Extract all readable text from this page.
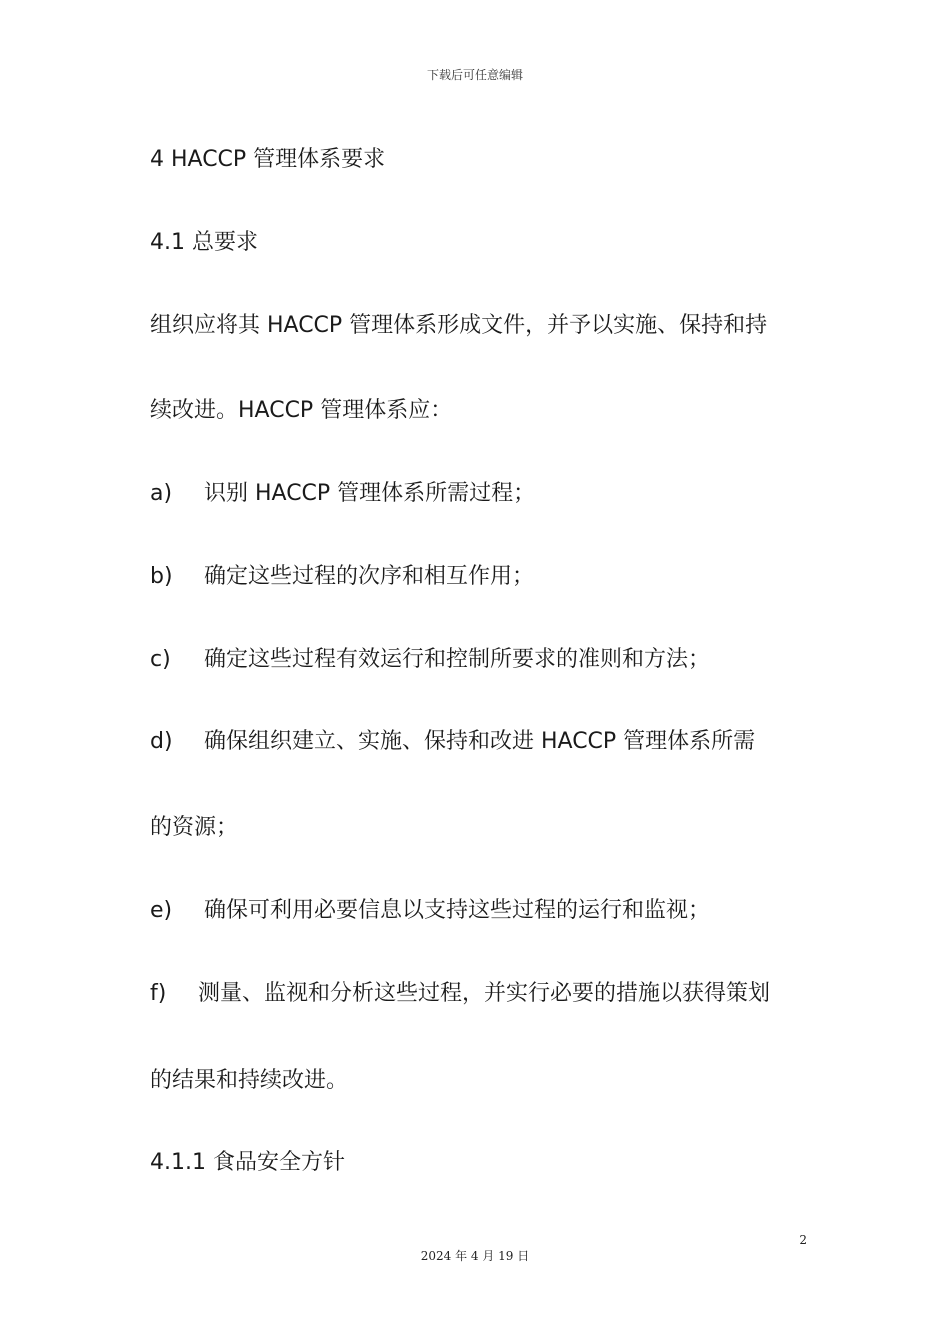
下载后可任意编辑
4 HACCP 管理体系要求
4.1 总要求
组织应将其 HACCP 管理体系形成文件，并予以实施、保持和持
续改进。HACCP 管理体系应：
a) 识别 HACCP 管理体系所需过程；
b) 确定这些过程的次序和相互作用；
c) 确定这些过程有效运行和控制所要求的准则和方法；
d) 确保组织建立、实施、保持和改进 HACCP 管理体系所需
的资源；
e) 确保可利用必要信息以支持这些过程的运行和监视；
f) 测量、监视和分析这些过程，并实行必要的措施以获得策划
的结果和持续改进。
4.1.1 食品安全方针
2
2024 年 4 月 19 日
